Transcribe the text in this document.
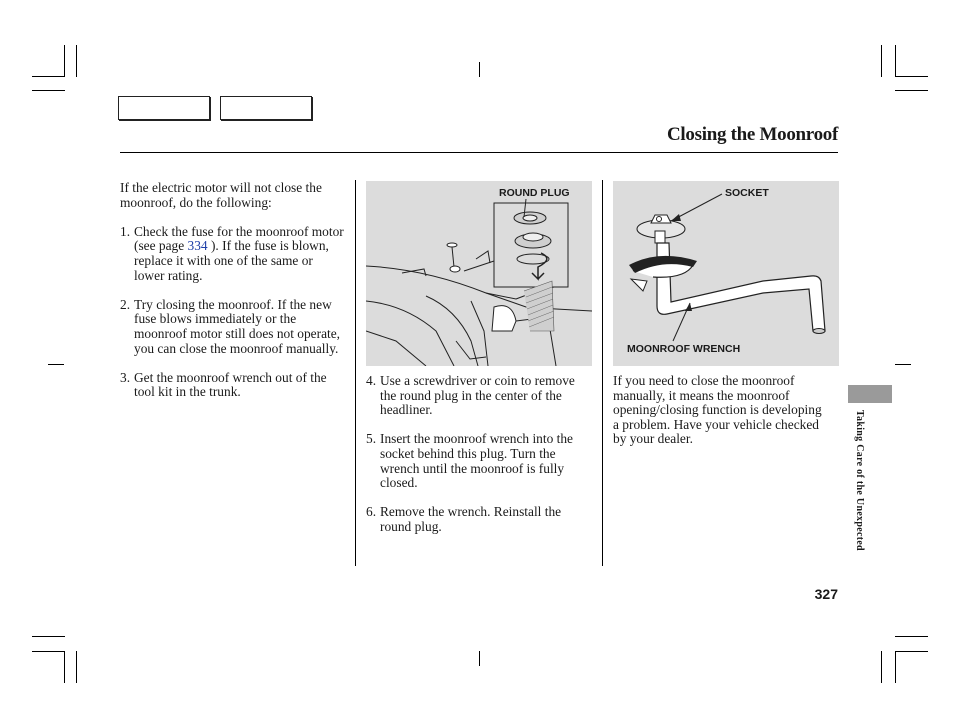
Closing the Moonroof

If the electric motor will not close the moonroof, do the following:

1. Check the fuse for the moonroof motor (see page 334 ). If the fuse is blown, replace it with one of the same or lower rating.
2. Try closing the moonroof. If the new fuse blows immediately or the moonroof motor still does not operate, you can close the moonroof manually.
3. Get the moonroof wrench out of the tool kit in the trunk.
ROUND PLUG
4. Use a screwdriver or coin to remove the round plug in the center of the headliner.
5. Insert the moonroof wrench into the socket behind this plug. Turn the wrench until the moonroof is fully closed.
6. Remove the wrench. Reinstall the round plug.
SOCKET
MOONROOF WRENCH

If you need to close the moonroof manually, it means the moonroof opening/closing function is developing a problem. Have your vehicle checked by your dealer.	Taking Care of the Unexpected
327
